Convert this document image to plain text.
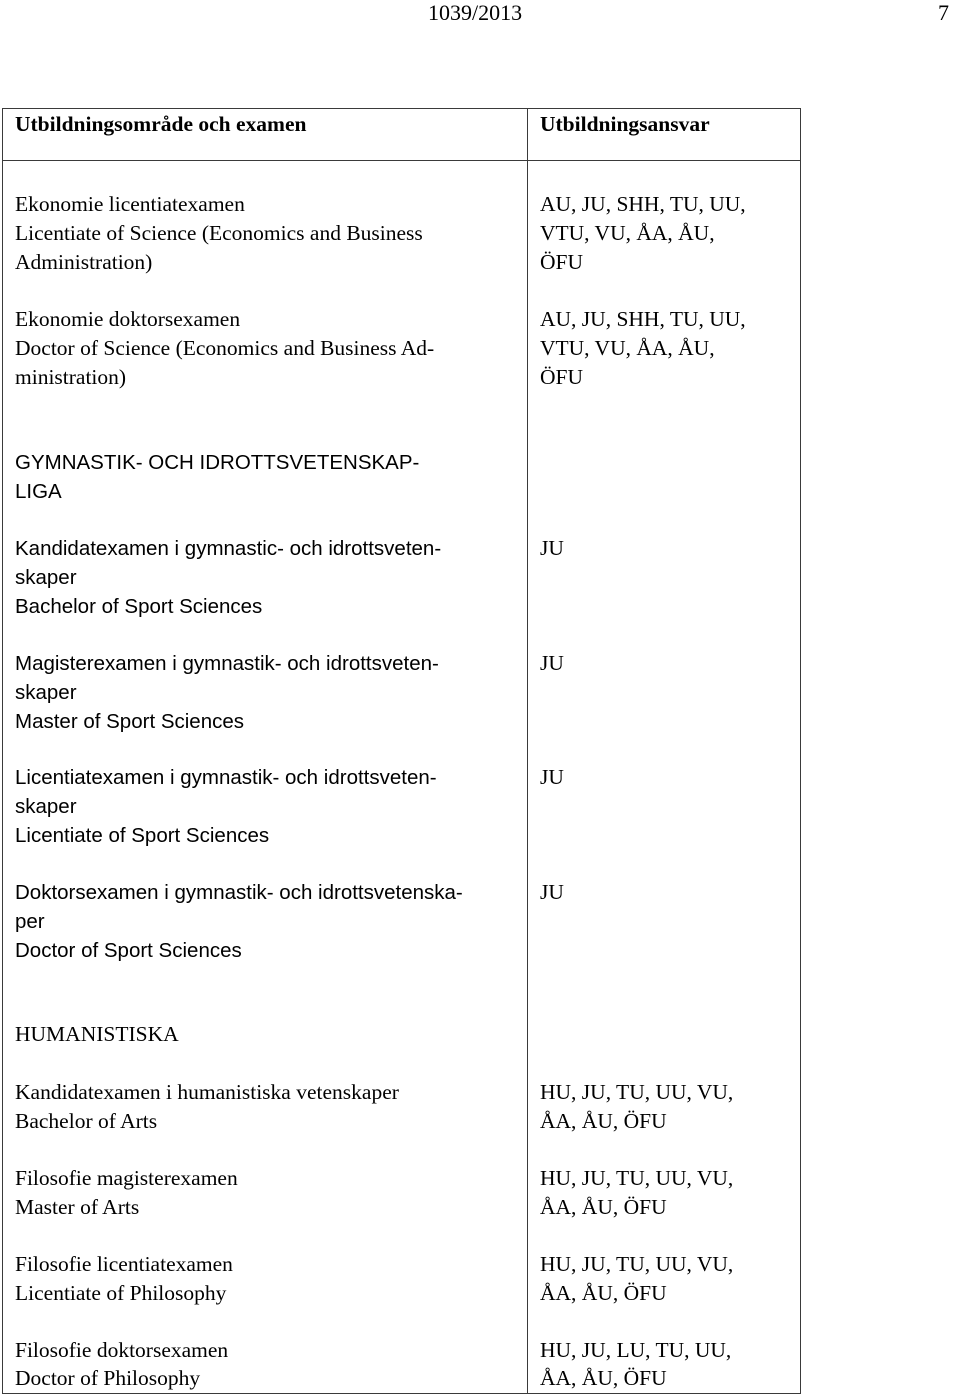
1039/2013	7
Utbildningsområde och examen	Utbildningsansvar
Ekonomie licentiatexamen
Licentiate of Science (Economics and Business
Administration)
AU, JU, SHH, TU, UU,
VTU, VU, ÅA, ÅU,
ÖFU
Ekonomie doktorsexamen
Doctor of Science (Economics and Business Ad-
ministration)
AU, JU, SHH, TU, UU,
VTU, VU, ÅA, ÅU,
ÖFU
GYMNASTIK- OCH IDROTTSVETENSKAP-
LIGA
Kandidatexamen i gymnastic- och idrottsveten-
skaper
Bachelor of Sport Sciences
JU
Magisterexamen i gymnastik- och idrottsveten-
skaper
Master of Sport Sciences
JU
Licentiatexamen i gymnastik- och idrottsveten-
skaper
Licentiate of Sport Sciences
JU
Doktorsexamen i gymnastik- och idrottsvetenska-
per
Doctor of Sport Sciences
JU
HUMANISTISKA
Kandidatexamen i humanistiska vetenskaper
Bachelor of Arts
HU, JU, TU, UU, VU,
ÅA, ÅU, ÖFU
Filosofie magisterexamen
Master of Arts
HU, JU, TU, UU, VU,
ÅA, ÅU, ÖFU
Filosofie licentiatexamen
Licentiate of Philosophy
HU, JU, TU, UU, VU,
ÅA, ÅU, ÖFU
Filosofie doktorsexamen
Doctor of Philosophy
HU, JU, LU, TU, UU,
ÅA, ÅU, ÖFU
